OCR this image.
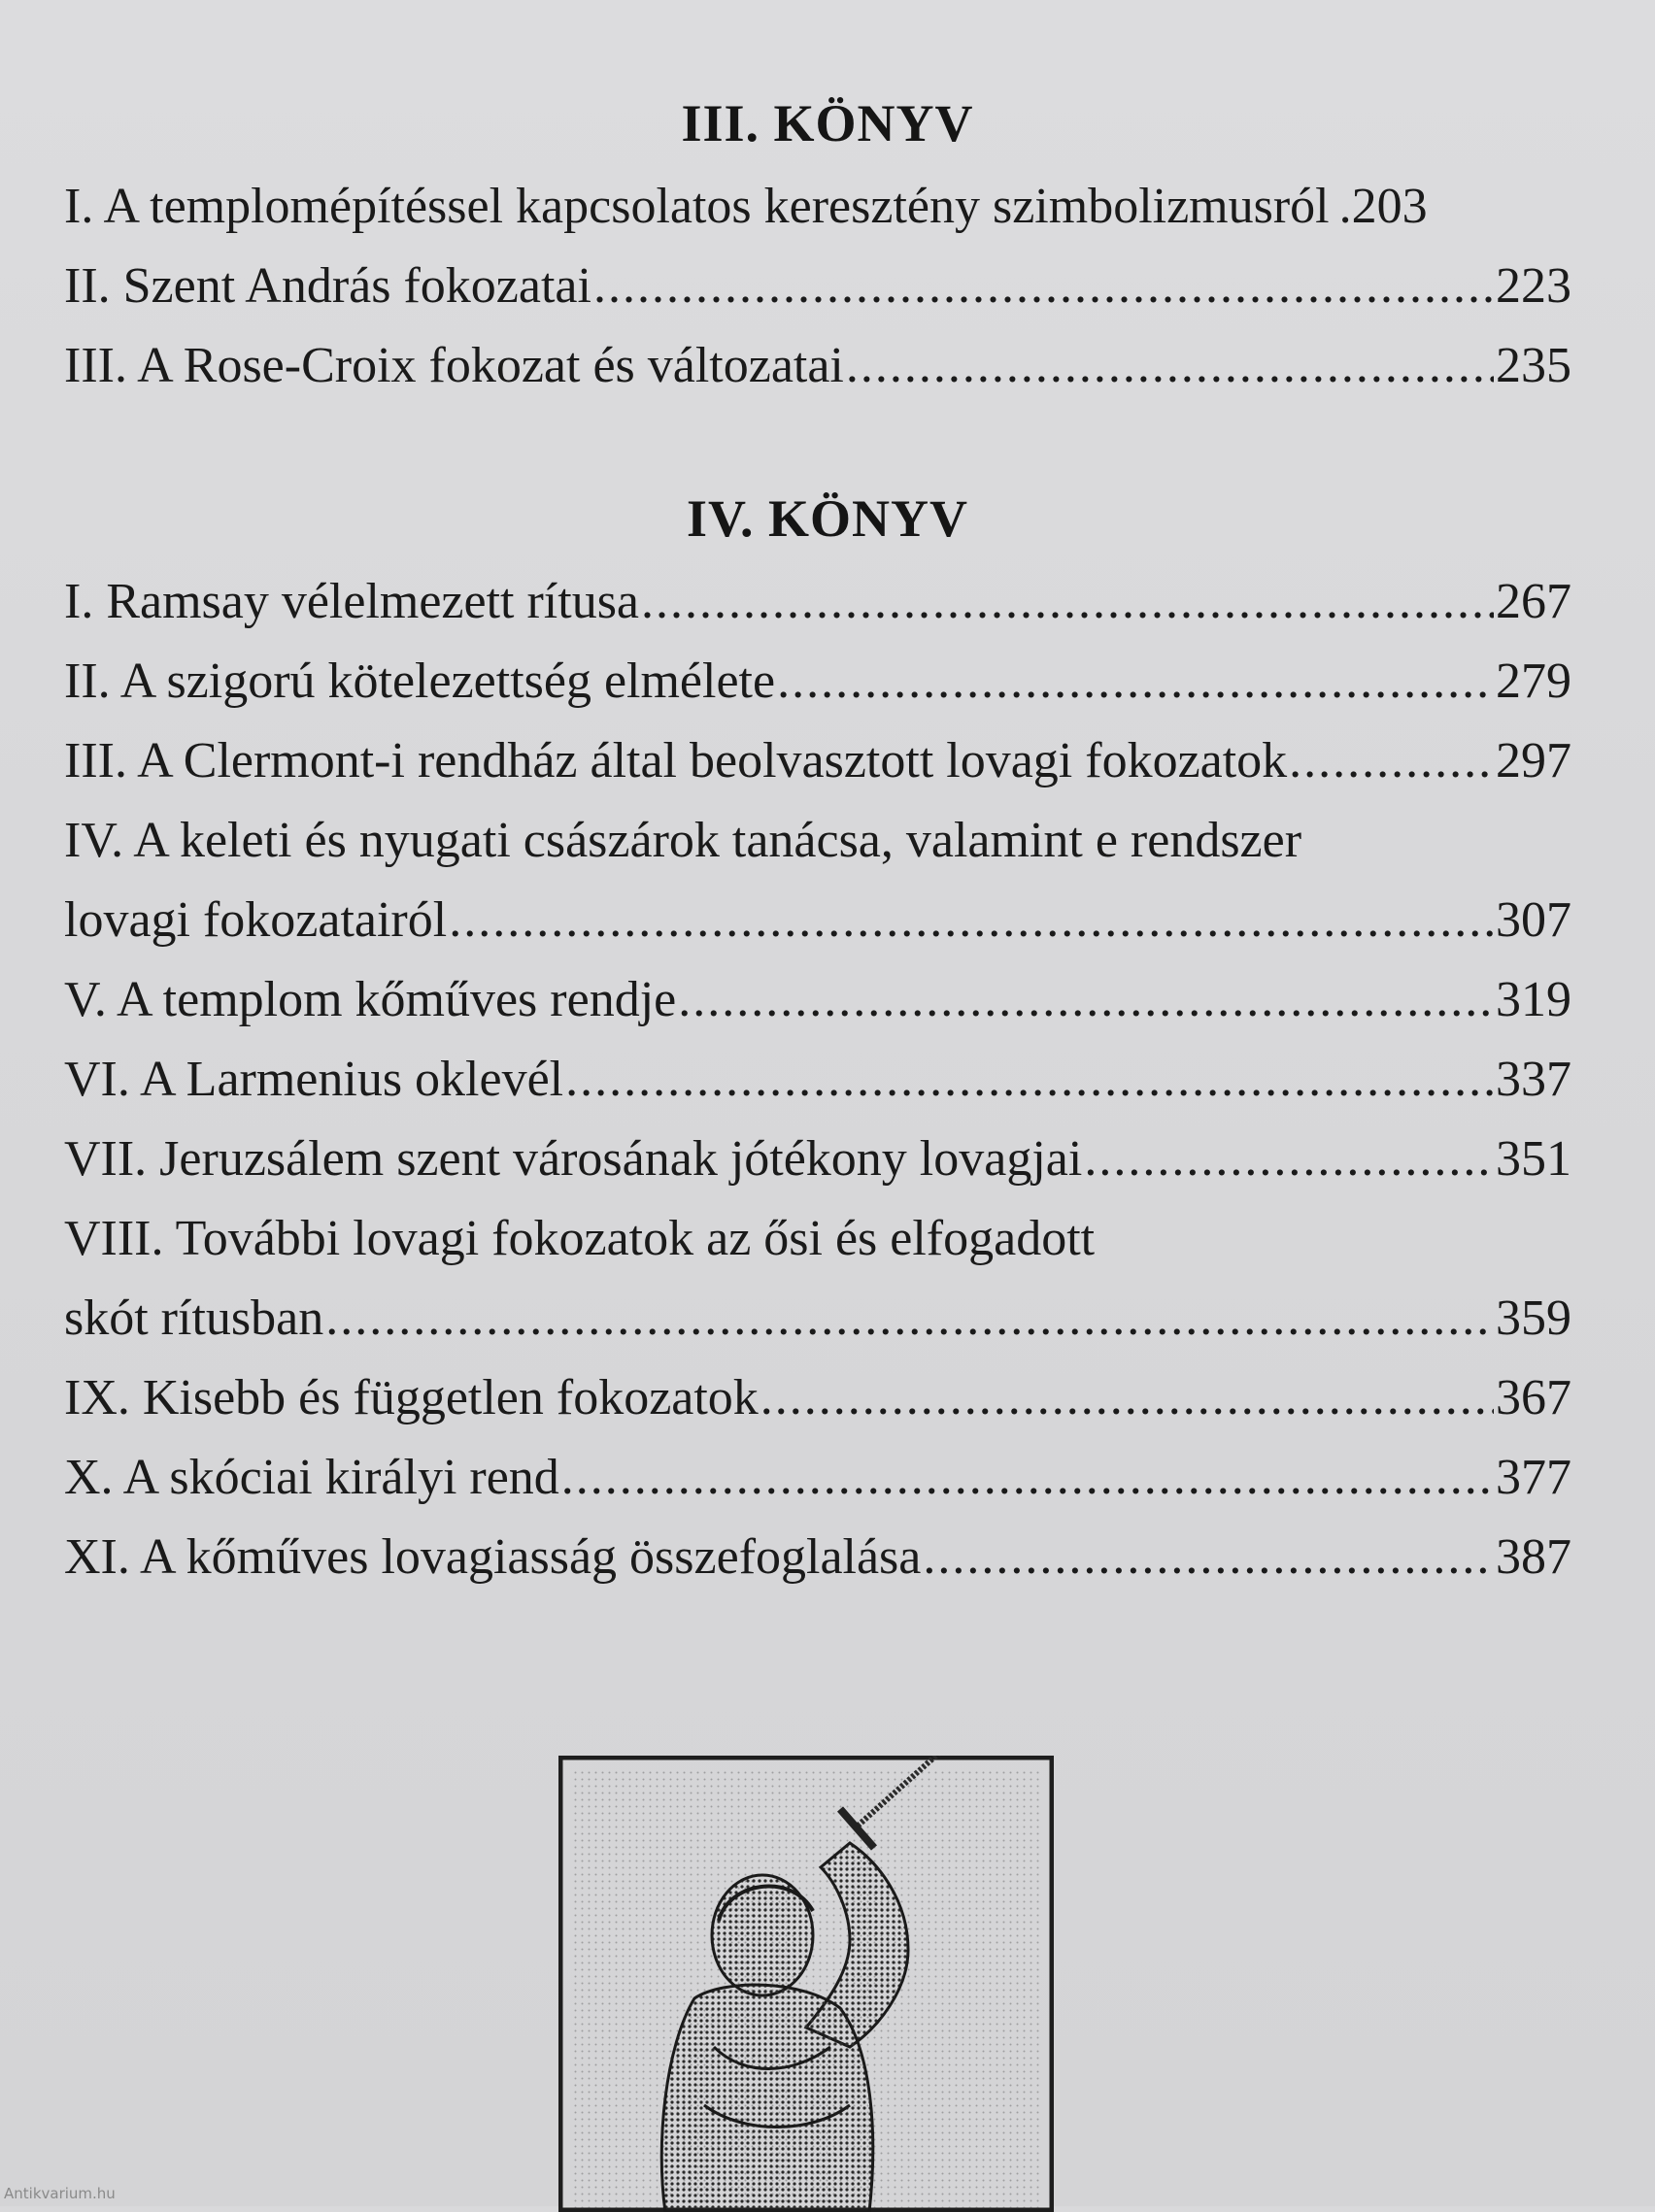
III. KÖNYV
I. A templomépítéssel kapcsolatos keresztény szimbolizmusról .203
II. Szent András fokozatai .....	223
III. A Rose-Croix fokozat és változatai .....	235
IV. KÖNYV
I. Ramsay vélelmezett rítusa .....	267
II. A szigorú kötelezettség elmélete .....	279
III. A Clermont-i rendház által beolvasztott lovagi fokozatok .....	297
IV. A keleti és nyugati császárok tanácsa, valamint e rendszer
lovagi fokozatairól .....	307
V. A templom kőműves rendje .....	319
VI. A Larmenius oklevél .....	337
VII. Jeruzsálem szent városának jótékony lovagjai .....	351
VIII. További lovagi fokozatok az ősi és elfogadott
skót rítusban .....	359
IX. Kisebb és független fokozatok .....	367
X. A skóciai királyi rend .....	377
XI. A kőműves lovagiasság összefoglalása .....	387
Antikvarium.hu
